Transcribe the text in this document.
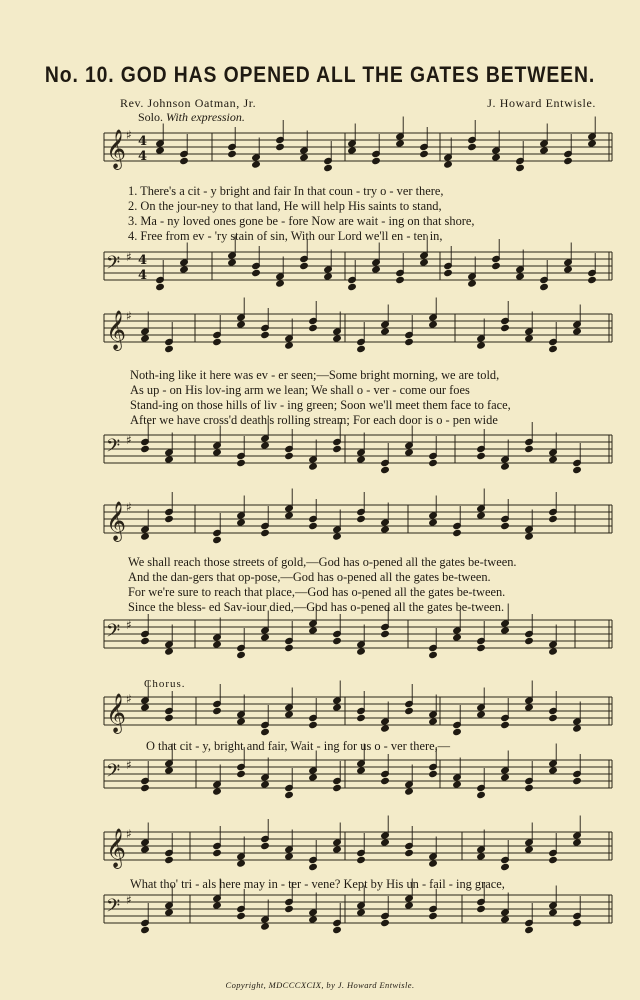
No. 10. GOD HAS OPENED ALL THE GATES BETWEEN.
Rev. Johnson Oatman, Jr.	J. Howard Entwisle.
Solo. With expression.
𝄞 ♯
𝄢 ♯
𝄞 ♯
𝄢 ♯
𝄞 ♯
𝄢 ♯
𝄞 ♯
𝄢 ♯
𝄞 ♯
𝄢 ♯
4
4
4
4
1. There's a cit - y bright and fair In that coun - try o - ver there,
2. On the jour-ney to that land, He will help His saints to stand,
3. Ma - ny loved ones gone be - fore Now are wait - ing on that shore,
4. Free from ev - 'ry stain of sin, With our Lord we'll en - ter in,
Noth-ing like it here was ev - er seen;—Some bright morning, we are told,
As up - on His lov-ing arm we lean; We shall o - ver - come our foes
Stand-ing on those hills of liv - ing green; Soon we'll meet them face to face,
After we have cross'd death's rolling stream; For each door is o - pen wide
We shall reach those streets of gold,—God has o-pened all the gates be-tween.
And the dan-gers that op-pose,—God has o-pened all the gates be-tween.
For we're sure to reach that place,—God has o-pened all the gates be-tween.
Since the bless- ed Sav-iour died,—God has o-pened all the gates be-tween.
Chorus.
O that cit - y, bright and fair, Wait - ing for us o - ver there,—
What tho' tri - als here may in - ter - vene? Kept by His un - fail - ing grace,
Copyright, MDCCCXCIX, by J. Howard Entwisle.
